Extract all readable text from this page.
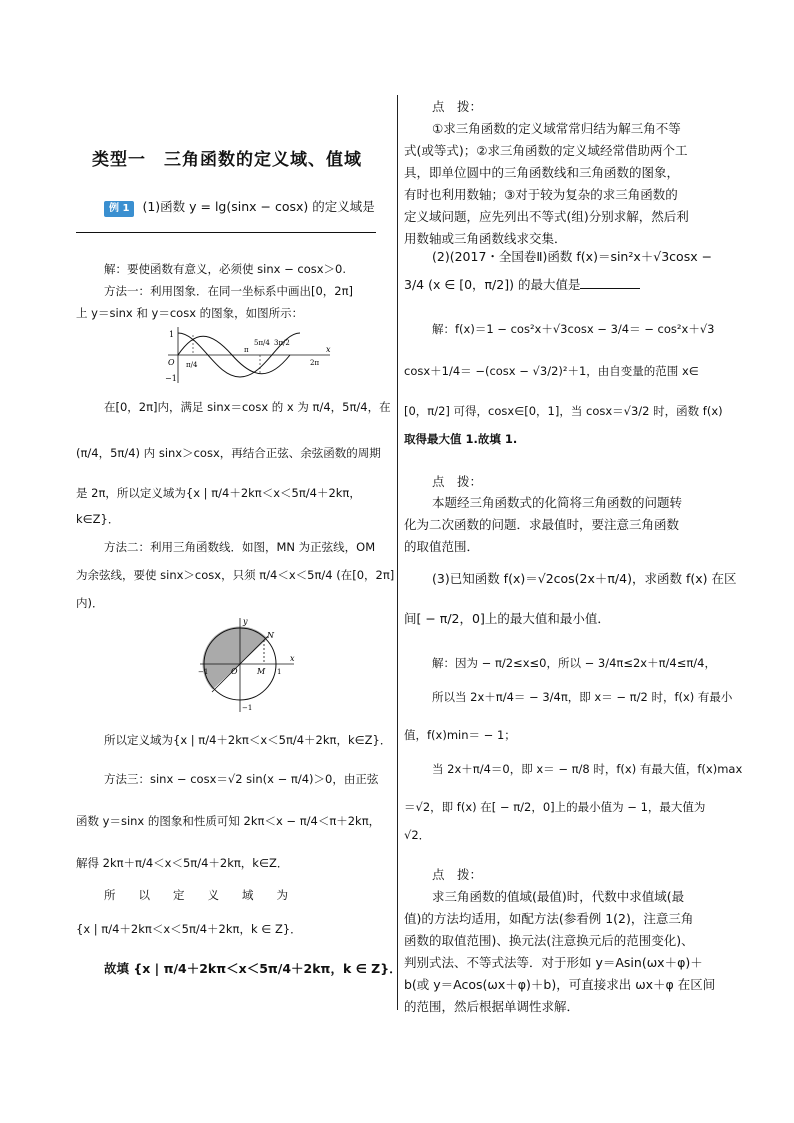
类型一　三角函数的定义域、值域
例 1 (1)函数 y = lg(sinx − cosx) 的定义域是
解：要使函数有意义，必须使 sinx − cosx＞0.
方法一：利用图象．在同一坐标系中画出[0，2π]
上 y＝sinx 和 y＝cosx 的图象，如图所示：
1
−1
O
x
π/4
π
5π/4 3π/2
2π
在[0，2π]内，满足 sinx＝cosx 的 x 为 π/4，5π/4，在
(π/4，5π/4) 内 sinx＞cosx，再结合正弦、余弦函数的周期
是 2π，所以定义域为{x | π/4＋2kπ＜x＜5π/4＋2kπ，
k∈Z}．
方法二：利用三角函数线．如图，MN 为正弦线，OM
为余弦线，要使 sinx＞cosx，只须 π/4＜x＜5π/4 (在[0，2π]
内)．
N
O M 1
−1
x
y
−1
所以定义域为{x | π/4＋2kπ＜x＜5π/4＋2kπ，k∈Z}．
方法三：sinx − cosx＝√2 sin(x − π/4)＞0，由正弦
函数 y＝sinx 的图象和性质可知 2kπ＜x − π/4＜π＋2kπ，
解得 2kπ＋π/4＜x＜5π/4＋2kπ，k∈Z．
所　　以　　定　　义　　域　　为
{x | π/4＋2kπ＜x＜5π/4＋2kπ，k ∈ Z}．
故填 {x | π/4＋2kπ＜x＜5π/4＋2kπ，k ∈ Z}．
点　拨：
①求三角函数的定义域常常归结为解三角不等
式(或等式)；②求三角函数的定义域经常借助两个工
具，即单位圆中的三角函数线和三角函数的图象，
有时也利用数轴；③对于较为复杂的求三角函数的
定义域问题，应先列出不等式(组)分别求解，然后利
用数轴或三角函数线求交集．
(2)(2017・全国卷Ⅱ)函数 f(x)＝sin²x＋√3cosx −
3/4 (x ∈ [0，π/2]) 的最大值是
解：f(x)＝1 − cos²x＋√3cosx − 3/4＝ − cos²x＋√3
cosx＋1/4＝ −(cosx − √3/2)²＋1，由自变量的范围 x∈
[0，π/2] 可得，cosx∈[0，1]，当 cosx＝√3/2 时，函数 f(x)
取得最大值 1.故填 1.
点　拨：
本题经三角函数式的化简将三角函数的问题转
化为二次函数的问题．求最值时，要注意三角函数
的取值范围．
(3)已知函数 f(x)＝√2cos(2x＋π/4)，求函数 f(x) 在区
间[ − π/2，0]上的最大值和最小值．
解：因为 − π/2≤x≤0，所以 − 3/4π≤2x＋π/4≤π/4，
所以当 2x＋π/4＝ − 3/4π，即 x＝ − π/2 时，f(x) 有最小
值，f(x)min＝ − 1；
当 2x＋π/4＝0，即 x＝ − π/8 时，f(x) 有最大值，f(x)max
＝√2，即 f(x) 在[ − π/2，0]上的最小值为 − 1，最大值为
√2．
点　拨：
求三角函数的值域(最值)时，代数中求值域(最
值)的方法均适用，如配方法(参看例 1(2)，注意三角
函数的取值范围)、换元法(注意换元后的范围变化)、
判别式法、不等式法等．对于形如 y＝Asin(ωx＋φ)＋
b(或 y＝Acos(ωx＋φ)＋b)，可直接求出 ωx＋φ 在区间
的范围，然后根据单调性求解．
